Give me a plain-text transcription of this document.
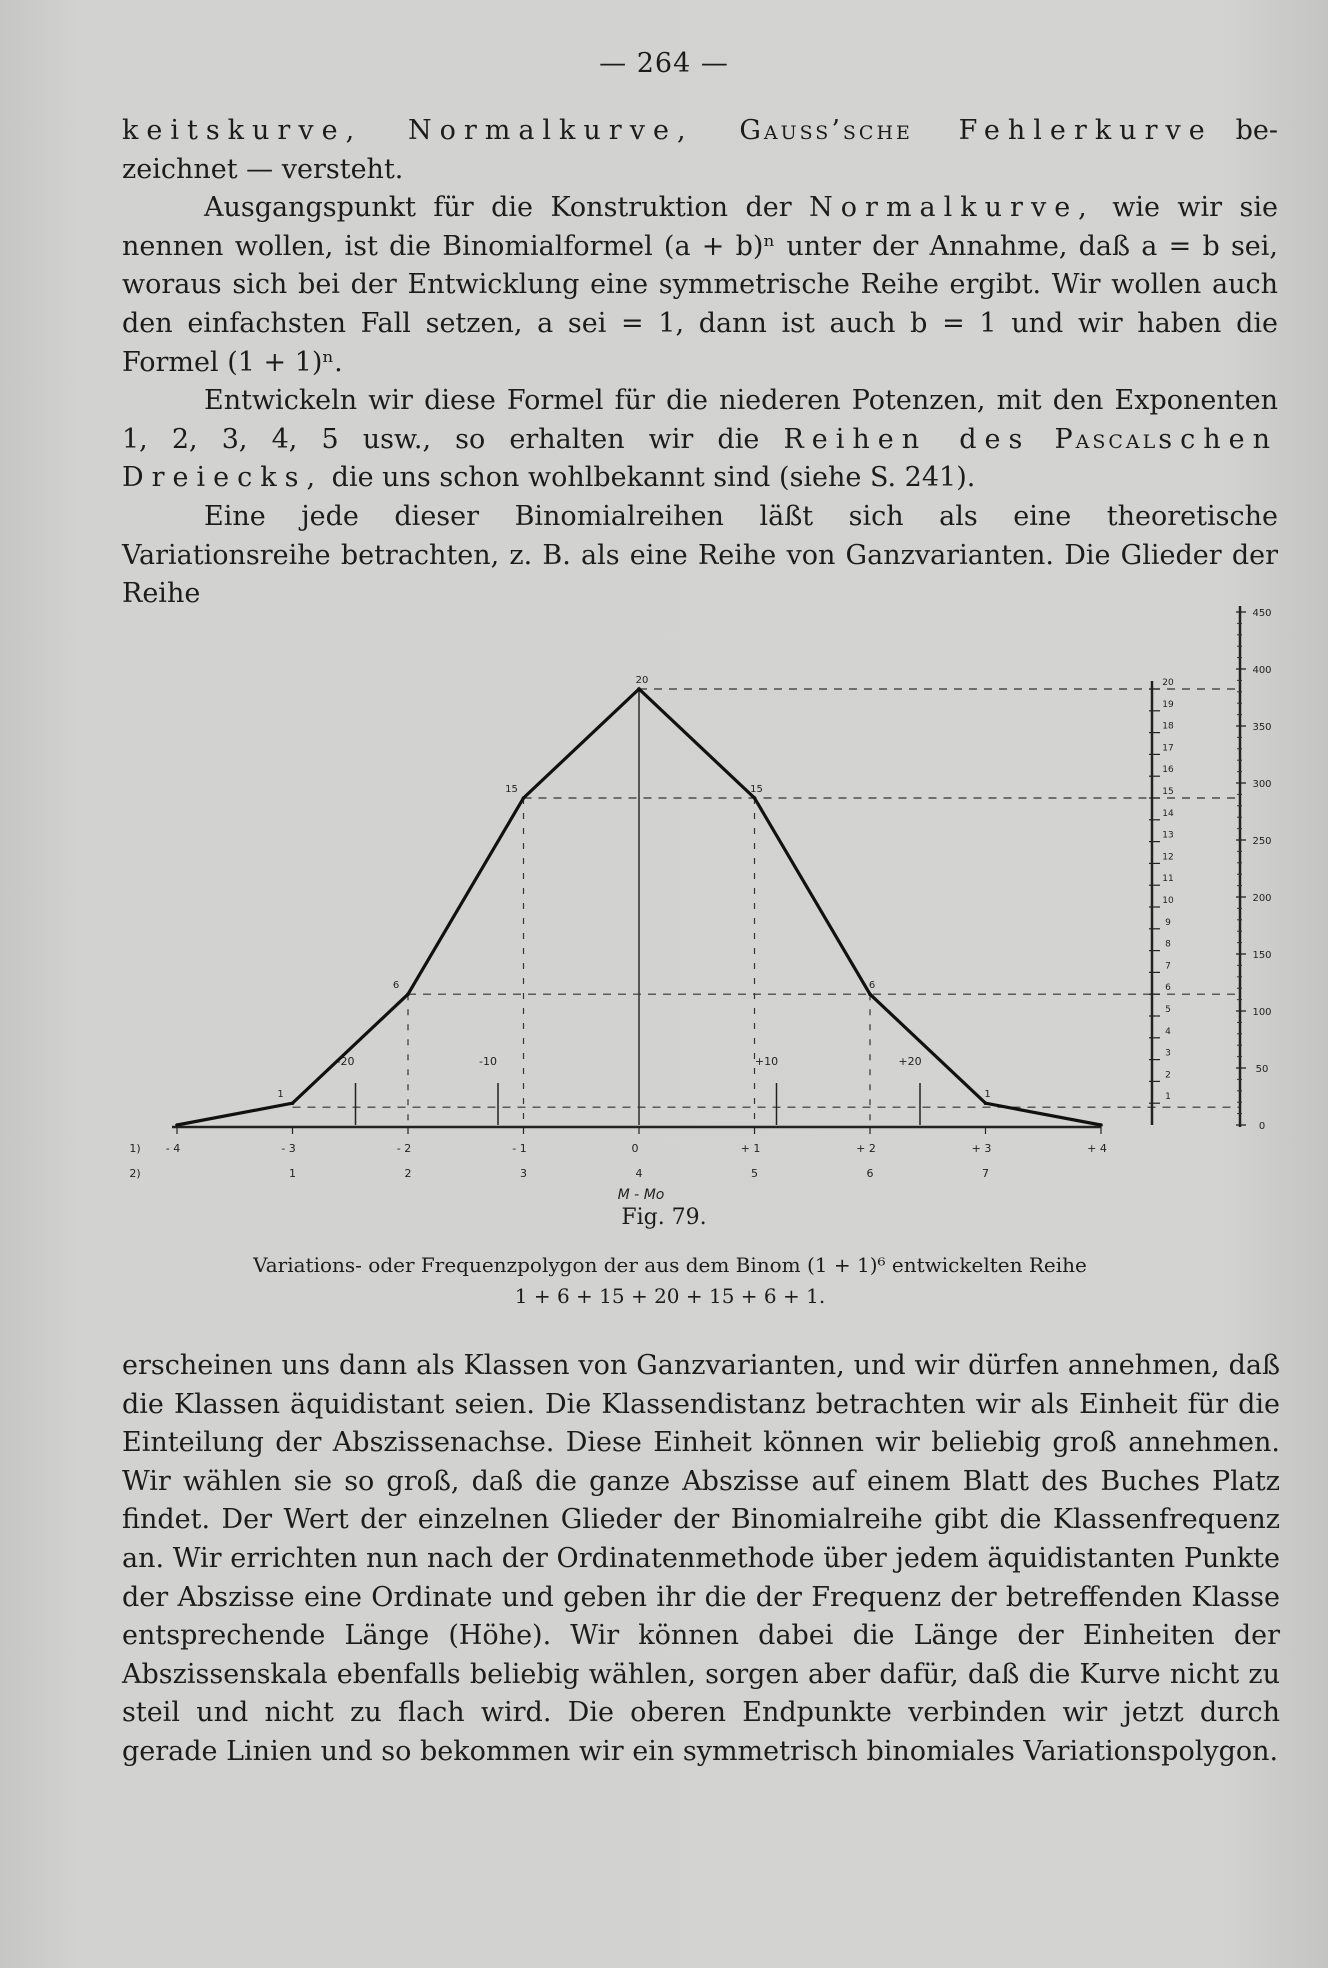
— 264 —

keitskurve, Normalkurve, Gauss’sche Fehlerkurve be- zeichnet — versteht.

Ausgangspunkt für die Konstruktion der Normalkurve, wie wir sie nennen wollen, ist die Binomialformel (a + b)ⁿ unter der Annahme, daß a = b sei, woraus sich bei der Entwicklung eine symmetrische Reihe ergibt. Wir wollen auch den einfachsten Fall setzen, a sei = 1, dann ist auch b = 1 und wir haben die Formel (1 + 1)ⁿ.

Entwickeln wir diese Formel für die niederen Potenzen, mit den Exponenten 1, 2, 3, 4, 5 usw., so erhalten wir die Reihen des Pascalschen Dreiecks, die uns schon wohlbekannt sind (siehe S. 241).

Eine jede dieser Binomialreihen läßt sich als eine theoretische Variationsreihe betrachten, z. B. als eine Reihe von Ganzvarianten. Die Glieder der Reihe

-20	-10	+10	+20
1
6
15
20
15
6
1	1
2
3
4
5
6
7
8
9
10
11
12
13
14
15
16
17
18
19
20
0
50
100
150
200
250
300
350
400
450
1)
2)
- 4	- 3	- 2	- 1	0	+ 1	+ 2	+ 3	+ 4
1	2	3	4	5	6	7
M - Mo
Fig. 79.
Variations- oder Frequenzpolygon der aus dem Binom (1 + 1)⁶ entwickelten Reihe
1 + 6 + 15 + 20 + 15 + 6 + 1.

erscheinen uns dann als Klassen von Ganzvarianten, und wir dürfen annehmen, daß die Klassen äquidistant seien. Die Klassendistanz betrachten wir als Einheit für die Einteilung der Abszissenachse. Diese Einheit können wir beliebig groß annehmen. Wir wählen sie so groß, daß die ganze Abszisse auf einem Blatt des Buches Platz findet. Der Wert der einzelnen Glieder der Binomialreihe gibt die Klassenfrequenz an. Wir errichten nun nach der Ordinatenmethode über jedem äquidistanten Punkte der Abszisse eine Ordinate und geben ihr die der Frequenz der betreffenden Klasse entsprechende Länge (Höhe). Wir können dabei die Länge der Einheiten der Abszissenskala ebenfalls beliebig wählen, sorgen aber dafür, daß die Kurve nicht zu steil und nicht zu flach wird. Die oberen Endpunkte verbinden wir jetzt durch gerade Linien und so bekommen wir ein symmetrisch binomiales Variationspolygon.
